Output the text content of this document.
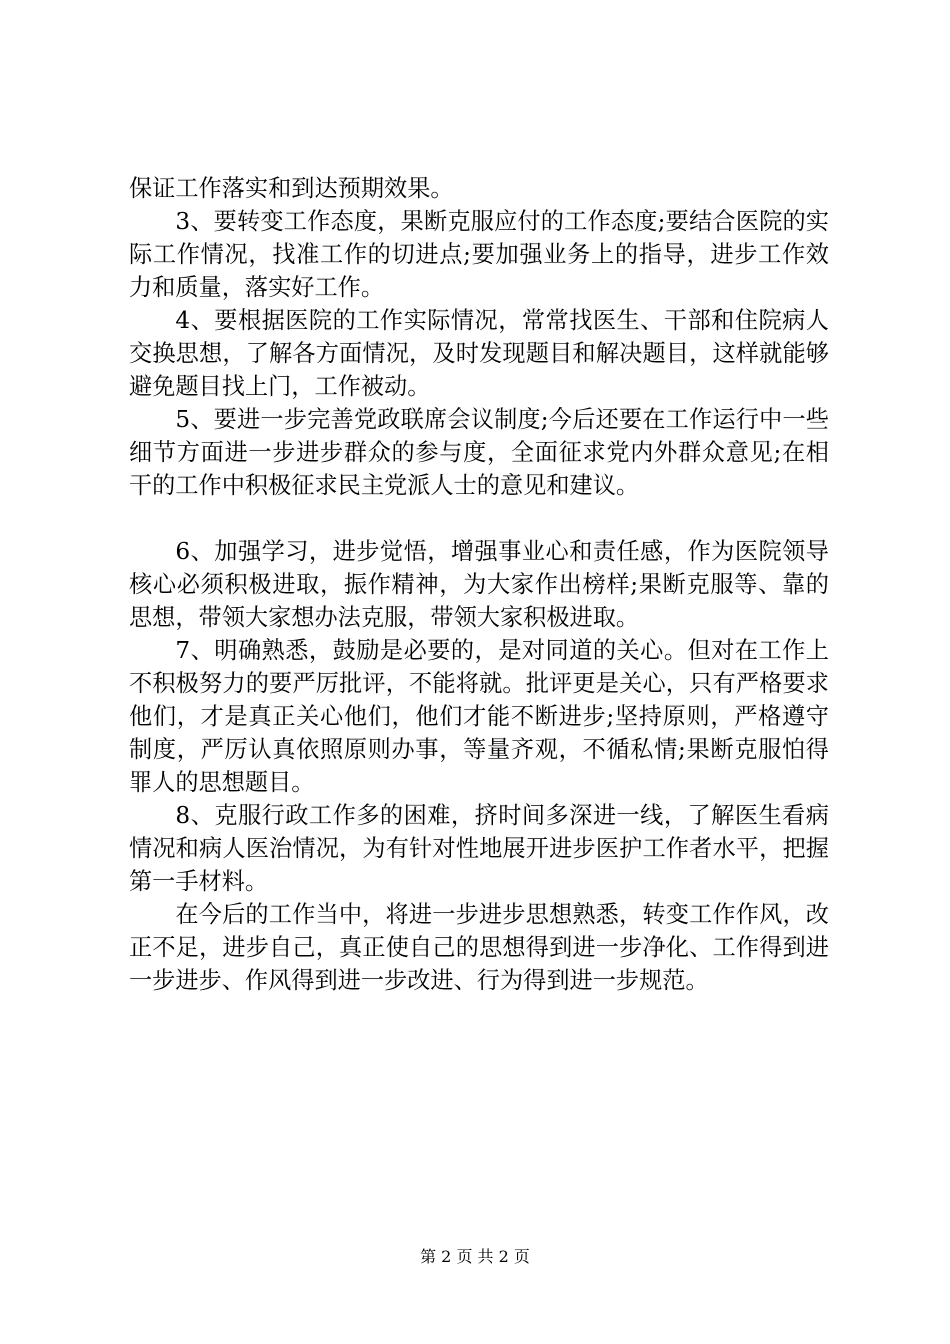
保证工作落实和到达预期效果。

3、要转变工作态度，果断克服应付的工作态度;要结合医院的实际工作情况，找准工作的切进点;要加强业务上的指导，进步工作效力和质量，落实好工作。

4、要根据医院的工作实际情况，常常找医生、干部和住院病人交换思想，了解各方面情况，及时发现题目和解决题目，这样就能够避免题目找上门，工作被动。

5、要进一步完善党政联席会议制度;今后还要在工作运行中一些细节方面进一步进步群众的参与度，全面征求党内外群众意见;在相干的工作中积极征求民主党派人士的意见和建议。

6、加强学习，进步觉悟，增强事业心和责任感，作为医院领导核心必须积极进取，振作精神，为大家作出榜样;果断克服等、靠的思想，带领大家想办法克服，带领大家积极进取。

7、明确熟悉，鼓励是必要的，是对同道的关心。但对在工作上不积极努力的要严厉批评，不能将就。批评更是关心，只有严格要求他们，才是真正关心他们，他们才能不断进步;坚持原则，严格遵守制度，严厉认真依照原则办事，等量齐观，不循私情;果断克服怕得罪人的思想题目。

8、克服行政工作多的困难，挤时间多深进一线，了解医生看病情况和病人医治情况，为有针对性地展开进步医护工作者水平，把握第一手材料。

在今后的工作当中，将进一步进步思想熟悉，转变工作作风，改正不足，进步自己，真正使自己的思想得到进一步净化、工作得到进一步进步、作风得到进一步改进、行为得到进一步规范。

第 2 页 共 2 页
